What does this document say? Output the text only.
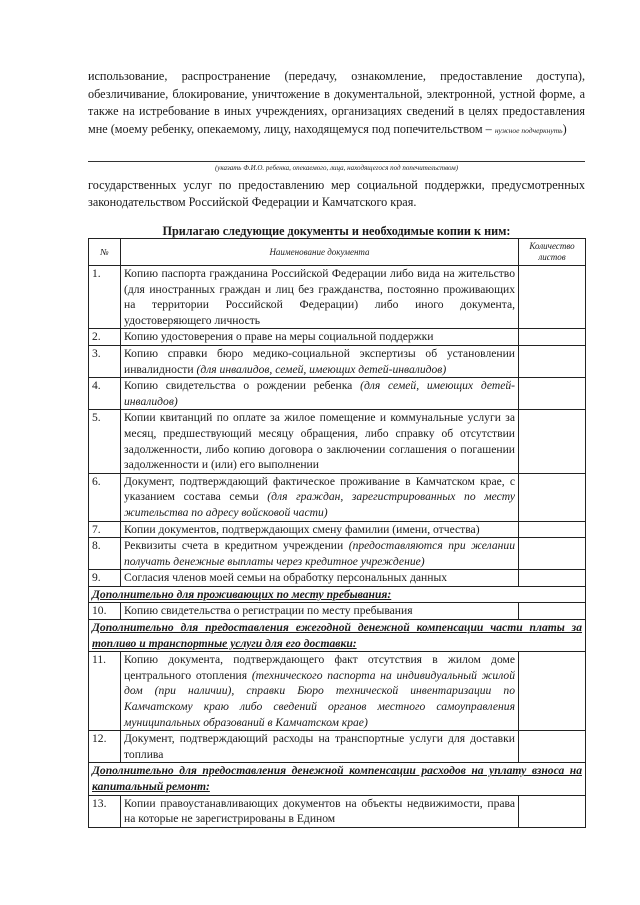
использование, распространение (передачу, ознакомление, предоставление доступа), обезличивание, блокирование, уничтожение в документальной, электронной, устной форме, а также на истребование в иных учреждениях, организациях сведений в целях предоставления мне (моему ребенку, опекаемому, лицу, находящемуся под попечительством – нужное подчеркнуть)
(указать Ф.И.О. ребенка, опекаемого, лица, находящегося под попечительством)
государственных услуг по предоставлению мер социальной поддержки, предусмотренных законодательством Российской Федерации и Камчатского края.
Прилагаю следующие документы и необходимые копии к ним:
№	Наименование документа	Количество листов
1.	Копию паспорта гражданина Российской Федерации либо вида на жительство (для иностранных граждан и лиц без гражданства, постоянно проживающих на территории Российской Федерации) либо иного документа, удостоверяющего личность	
2.	Копию удостоверения о праве на меры социальной поддержки	
3.	Копию справки бюро медико-социальной экспертизы об установлении инвалидности (для инвалидов, семей, имеющих детей-инвалидов)	
4.	Копию свидетельства о рождении ребенка (для семей, имеющих детей-инвалидов)	
5.	Копии квитанций по оплате за жилое помещение и коммунальные услуги за месяц, предшествующий месяцу обращения, либо справку об отсутствии задолженности, либо копию договора о заключении соглашения о погашении задолженности и (или) его выполнении	
6.	Документ, подтверждающий фактическое проживание в Камчатском крае, с указанием состава семьи (для граждан, зарегистрированных по месту жительства по адресу войсковой части)	
7.	Копии документов, подтверждающих смену фамилии (имени, отчества)	
8.	Реквизиты счета в кредитном учреждении (предоставляются при желании получать денежные выплаты через кредитное учреждение)	
9.	Согласия членов моей семьи на обработку персональных данных	
Дополнительно для проживающих по месту пребывания:		
10.	Копию свидетельства о регистрации по месту пребывания	
Дополнительно для предоставления ежегодной денежной компенсации части платы за топливо и транспортные услуги для его доставки:		
11.	Копию документа, подтверждающего факт отсутствия в жилом доме центрального отопления (технического паспорта на индивидуальный жилой дом (при наличии), справки Бюро технической инвентаризации по Камчатскому краю либо сведений органов местного самоуправления муниципальных образований в Камчатском крае)	
12.	Документ, подтверждающий расходы на транспортные услуги для доставки топлива	
Дополнительно для предоставления денежной компенсации расходов на уплату взноса на капитальный ремонт:		
13.	Копии правоустанавливающих документов на объекты недвижимости, права на которые не зарегистрированы в Едином	
